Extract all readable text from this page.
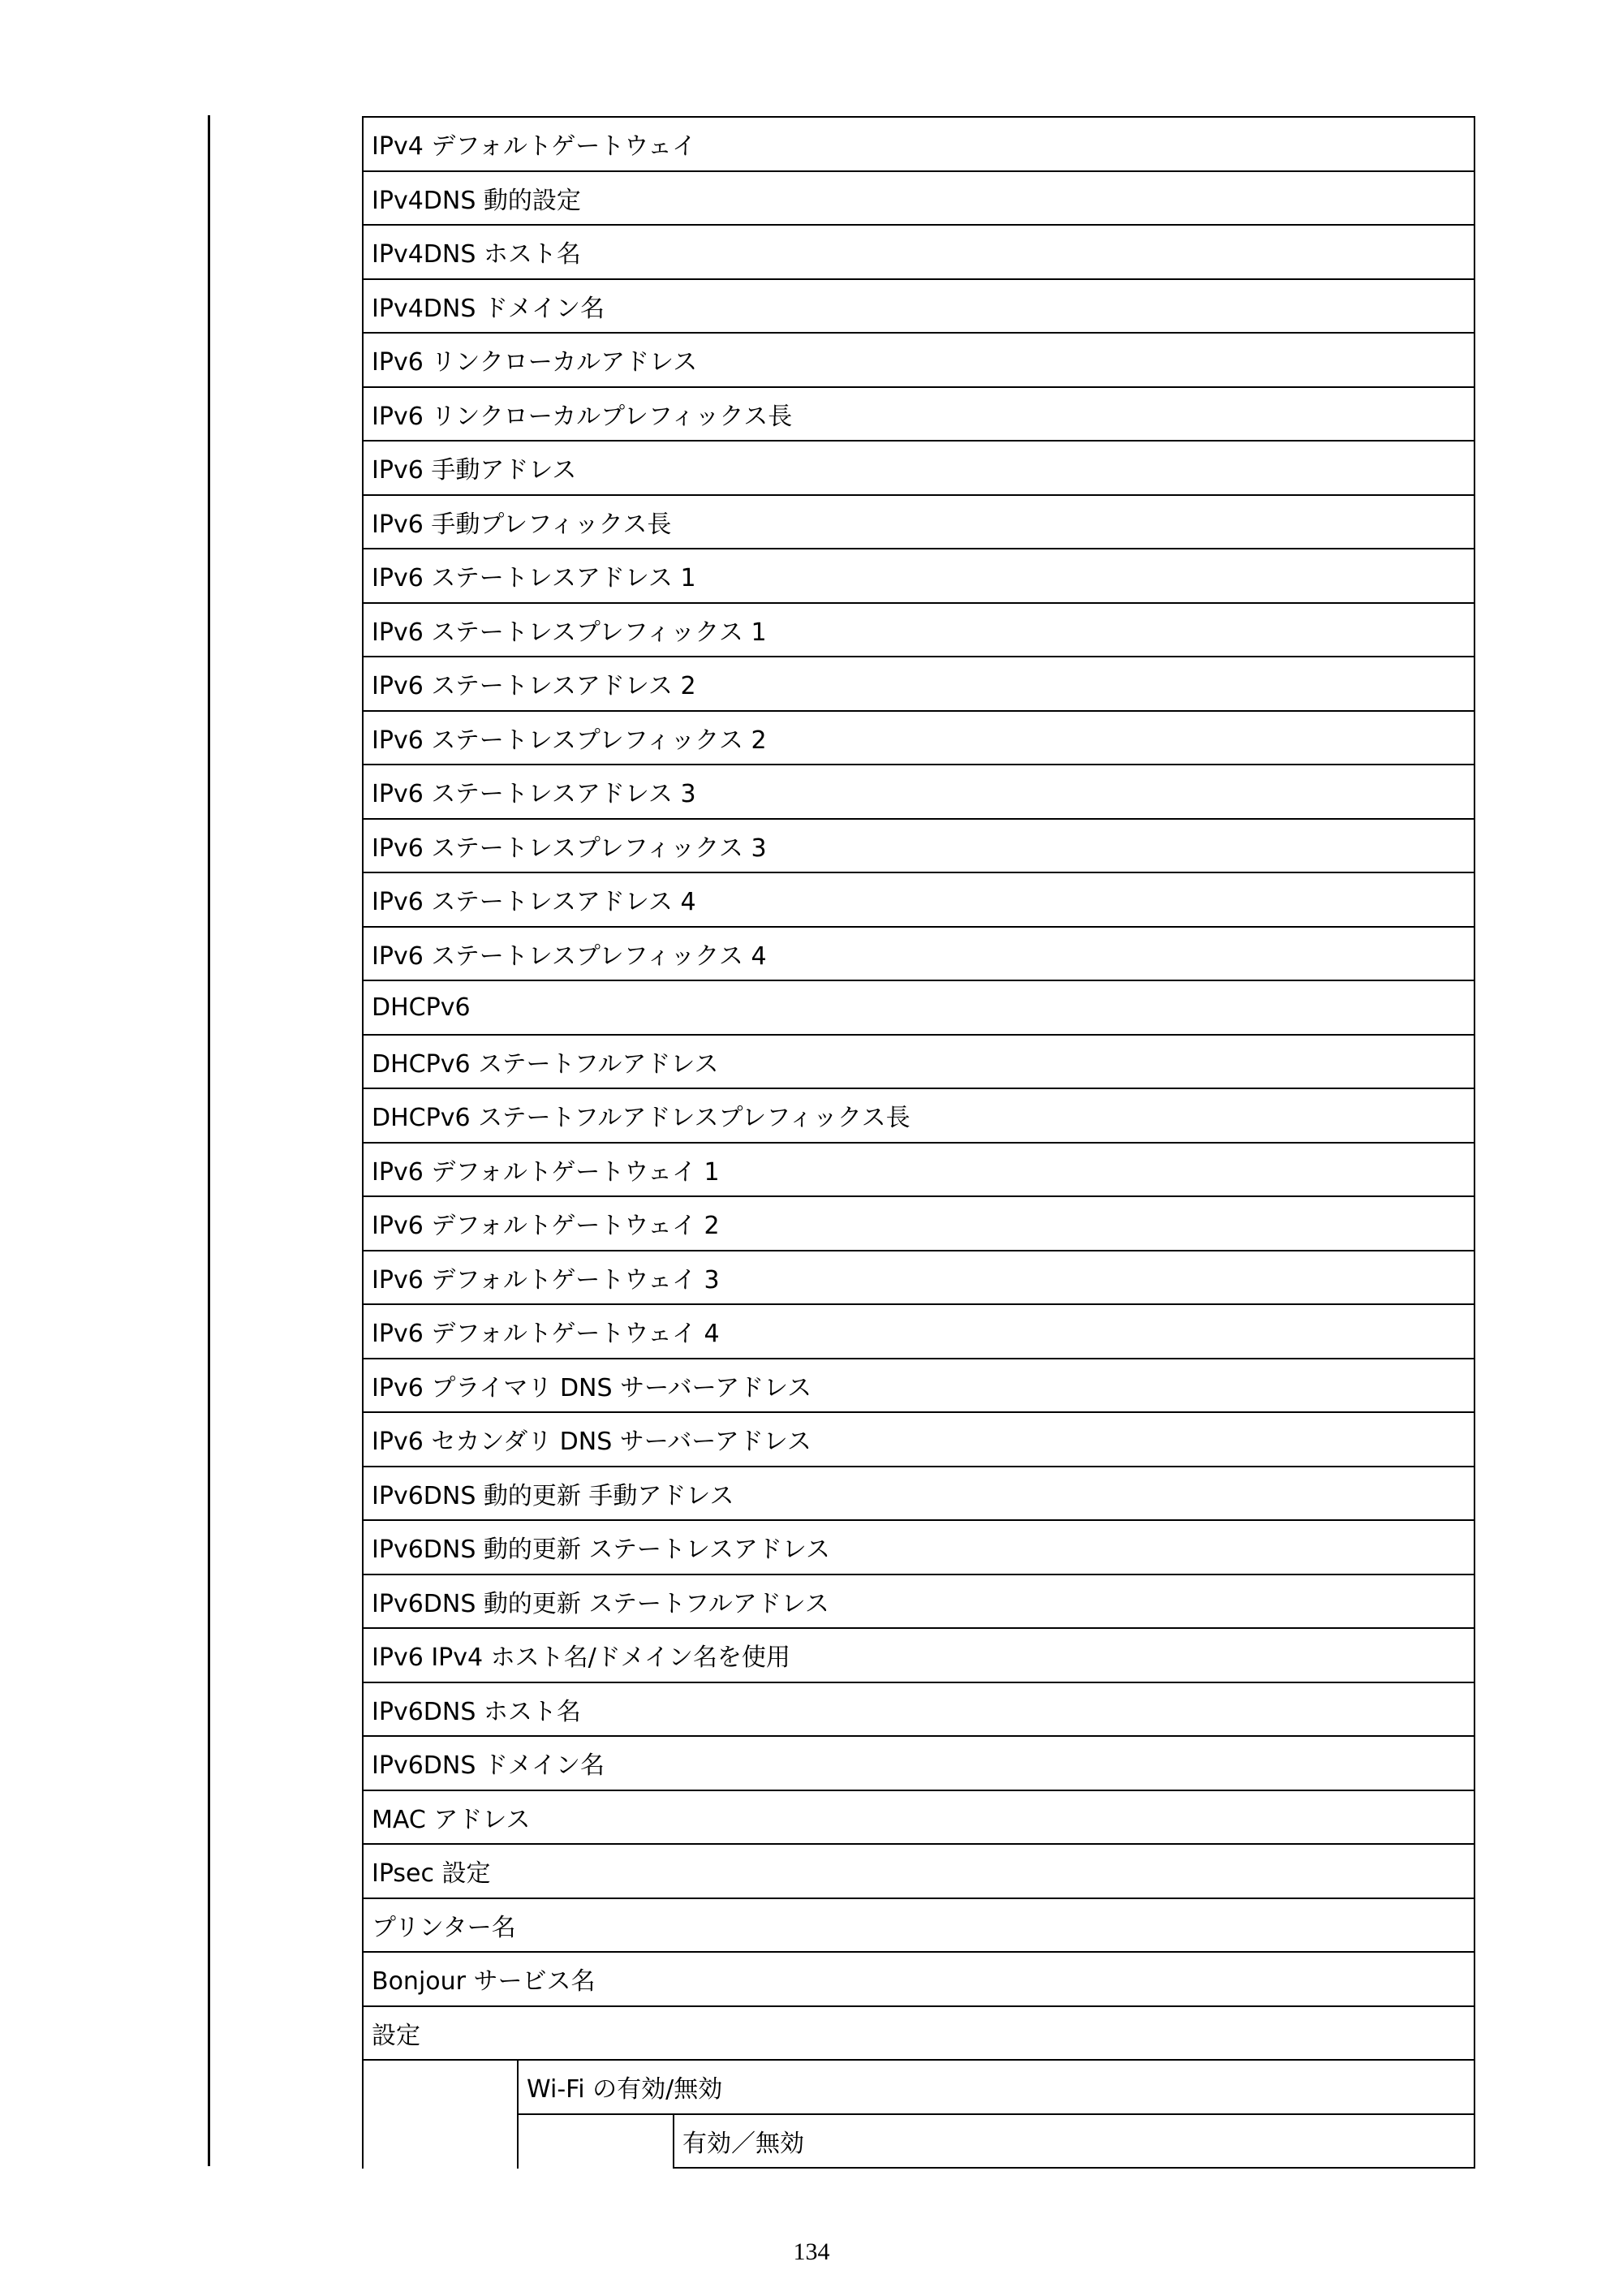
IPv4 デフォルトゲートウェイ
IPv4DNS 動的設定
IPv4DNS ホスト名
IPv4DNS ドメイン名
IPv6 リンクローカルアドレス
IPv6 リンクローカルプレフィックス長
IPv6 手動アドレス
IPv6 手動プレフィックス長
IPv6 ステートレスアドレス 1
IPv6 ステートレスプレフィックス 1
IPv6 ステートレスアドレス 2
IPv6 ステートレスプレフィックス 2
IPv6 ステートレスアドレス 3
IPv6 ステートレスプレフィックス 3
IPv6 ステートレスアドレス 4
IPv6 ステートレスプレフィックス 4
DHCPv6
DHCPv6 ステートフルアドレス
DHCPv6 ステートフルアドレスプレフィックス長
IPv6 デフォルトゲートウェイ 1
IPv6 デフォルトゲートウェイ 2
IPv6 デフォルトゲートウェイ 3
IPv6 デフォルトゲートウェイ 4
IPv6 プライマリ DNS サーバーアドレス
IPv6 セカンダリ DNS サーバーアドレス
IPv6DNS 動的更新 手動アドレス
IPv6DNS 動的更新 ステートレスアドレス
IPv6DNS 動的更新 ステートフルアドレス
IPv6 IPv4 ホスト名/ドメイン名を使用
IPv6DNS ホスト名
IPv6DNS ドメイン名
MAC アドレス
IPsec 設定
プリンター名
Bonjour サービス名
設定
Wi-Fi の有効/無効
有効／無効
134
